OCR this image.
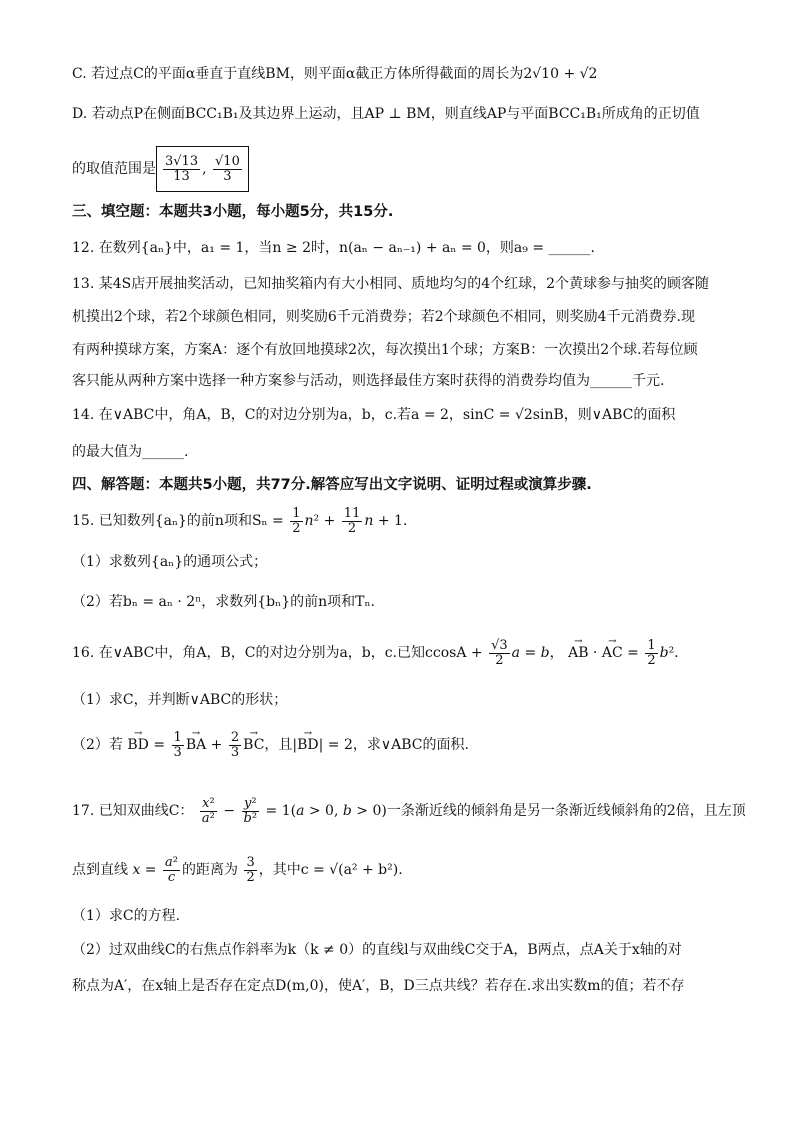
C. 若过点C的平面α垂直于直线BM，则平面α截正方体所得截面的周长为2√10 + √2
D. 若动点P在侧面BCC₁B₁及其边界上运动，且AP ⊥ BM，则直线AP与平面BCC₁B₁所成角的正切值
的取值范围是 $\frac{3√13}{13}$ , $\frac{√10}{3}$
三、填空题：本题共3小题，每小题5分，共15分.
12. 在数列{aₙ}中，a₁ = 1，当n ≥ 2时，n(aₙ − aₙ₋₁) + aₙ = 0，则a₉ = ______.
13. 某4S店开展抽奖活动，已知抽奖箱内有大小相同、质地均匀的4个红球，2个黄球参与抽奖的顾客随
机摸出2个球，若2个球颜色相同，则奖励6千元消费券；若2个球颜色不相同，则奖励4千元消费券.现
有两种摸球方案，方案A：逐个有放回地摸球2次，每次摸出1个球；方案B：一次摸出2个球.若每位顾
客只能从两种方案中选择一种方案参与活动，则选择最佳方案时获得的消费券均值为______千元.
14. 在∨ABC中，角A，B，C的对边分别为a，b，c.若a = 2，sinC = √2sinB，则∨ABC的面积
的最大值为______.
四、解答题：本题共5小题，共77分.解答应写出文字说明、证明过程或演算步骤.
15. 已知数列{aₙ}的前n项和$S_n = \frac{1}{2} n^2 + \frac{11}{2}$ n + 1.
（1）求数列{aₙ}的通项公式；
（2）若bₙ = aₙ · 2ⁿ，求数列{bₙ}的前n项和Tₙ.
16. 在∨ABC中，角A，B，C的对边分别为a，b，c.已知$ccosA + \frac{√3}{2}$ a = b， → AB · → AC = $\frac{1}{2} b^2$.
（1）求C，并判断∨ABC的形状；
（2）若 → BD = $\frac{1}{3}$ → BA + $\frac{2}{3}$ → BC，且|→ BD| = 2，求∨ABC的面积.
17. 已知双曲线C： $\frac{\text{x²}}{\text{a²}} - \frac{\text{y²}}{\text{b²}} = 1(a > 0$, b > 0)一条渐近线的倾斜角是另一条渐近线倾斜角的2倍，且左顶
点到直线 $x = \frac{\text{a²}}{c}$ 的距离为 $\frac{3}{2}$ ，其中c = √(a² + b²).
（1）求C的方程.
（2）过双曲线C的右焦点作斜率为k（k ≠ 0）的直线l与双曲线C交于A，B两点，点A关于x轴的对
称点为A′，在x轴上是否存在定点D(m,0)，使A′，B，D三点共线？若存在.求出实数m的值；若不存
